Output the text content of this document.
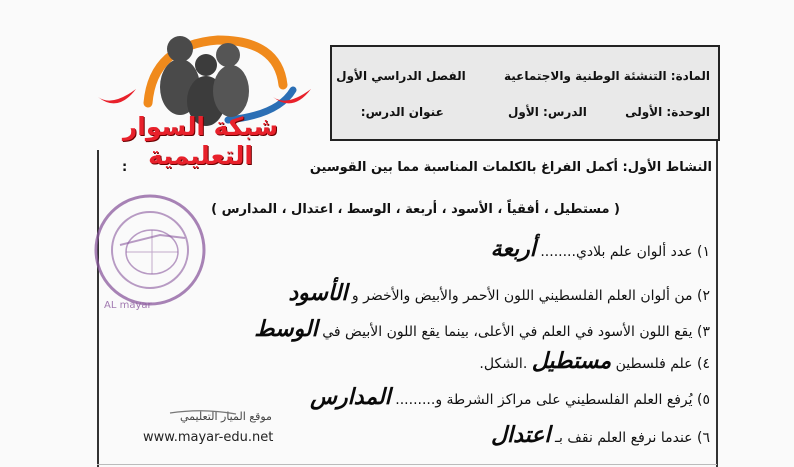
المادة: التنشئة الوطنية والاجتماعية الفصل الدراسي الأول
الوحدة: الأولى الدرس: الأول عنوان الدرس:
شبكة السوار التعليمية
AL mayar
النشاط الأول: أكمل الفراغ بالكلمات المناسبة مما بين القوسين
:
( مستطيل ، أفقياً ، الأسود ، أربعة ، الوسط ، اعتدال ، المدارس )
١) عدد ألوان علم بلادي........ أربعة
٢) من ألوان العلم الفلسطيني اللون الأحمر والأبيض والأخضر و الأسود
٣) يقع اللون الأسود في العلم في الأعلى، بينما يقع اللون الأبيض في الوسط
٤) علم فلسطين مستطيل .الشكل.
٥) يُرفع العلم الفلسطيني على مراكز الشرطة و......... المدارس
٦) عندما نرفع العلم نقف بـ اعتدال
موقع الميار التعليمي
www.mayar-edu.net
